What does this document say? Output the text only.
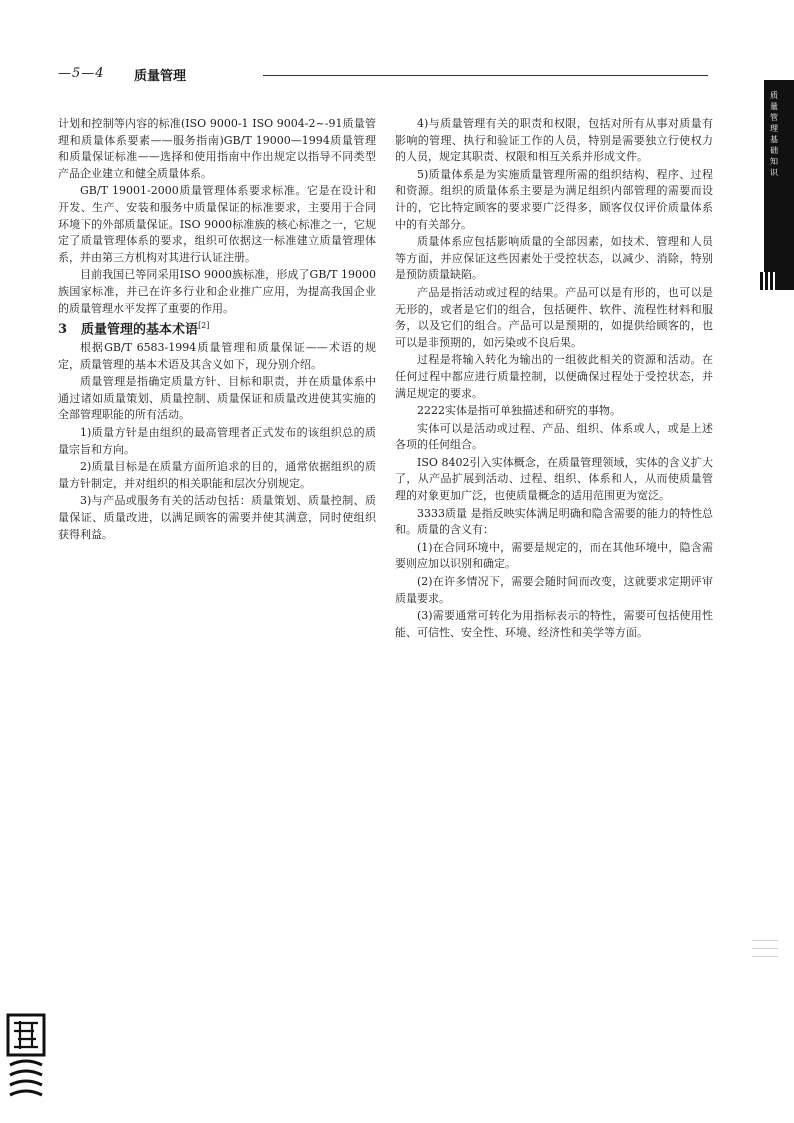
—5—4 质量管理

计划和控制等内容的标准(ISO 9000-1 ISO 9004-2~-91质量管理和质量体系要素——服务指南)GB/T 19000—1994质量管理和质量保证标准——选择和使用指南中作出规定以指导不同类型产品企业建立和健全质量体系。

GB/T 19001-2000质量管理体系要求标准。它是在设计和开发、生产、安装和服务中质量保证的标准要求，主要用于合同环境下的外部质量保证。ISO 9000标准族的核心标准之一，它规定了质量管理体系的要求，组织可依据这一标准建立质量管理体系，并由第三方机构对其进行认证注册。

目前我国已等同采用ISO 9000族标准，形成了GB/T 19000族国家标准，并已在许多行业和企业推广应用，为提高我国企业的质量管理水平发挥了重要的作用。

3 质量管理的基本术语[2]

根据GB/T 6583-1994质量管理和质量保证——术语的规定，质量管理的基本术语及其含义如下，现分别介绍。

质量管理是指确定质量方针、目标和职责，并在质量体系中通过诸如质量策划、质量控制、质量保证和质量改进使其实施的全部管理职能的所有活动。

1)质量方针是由组织的最高管理者正式发布的该组织总的质量宗旨和方向。

2)质量目标是在质量方面所追求的目的，通常依据组织的质量方针制定，并对组织的相关职能和层次分别规定。

3)与产品或服务有关的活动包括：质量策划、质量控制、质量保证、质量改进，以满足顾客的需要并使其满意，同时使组织获得利益。

4)与质量管理有关的职责和权限，包括对所有从事对质量有影响的管理、执行和验证工作的人员，特别是需要独立行使权力的人员，规定其职责、权限和相互关系并形成文件。

5)质量体系是为实施质量管理所需的组织结构、程序、过程和资源。组织的质量体系主要是为满足组织内部管理的需要而设计的，它比特定顾客的要求要广泛得多，顾客仅仅评价质量体系中的有关部分。

质量体系应包括影响质量的全部因素，如技术、管理和人员等方面，并应保证这些因素处于受控状态，以减少、消除，特别是预防质量缺陷。

产品是指活动或过程的结果。产品可以是有形的，也可以是无形的，或者是它们的组合，包括硬件、软件、流程性材料和服务，以及它们的组合。产品可以是预期的，如提供给顾客的，也可以是非预期的，如污染或不良后果。

过程是将输入转化为输出的一组彼此相关的资源和活动。在任何过程中都应进行质量控制，以便确保过程处于受控状态，并满足规定的要求。

2222实体是指可单独描述和研究的事物。

实体可以是活动或过程、产品、组织、体系或人，或是上述各项的任何组合。

ISO 8402引入实体概念，在质量管理领域，实体的含义扩大了，从产品扩展到活动、过程、组织、体系和人，从而使质量管理的对象更加广泛，也使质量概念的适用范围更为宽泛。

3333质量 是指反映实体满足明确和隐含需要的能力的特性总和。质量的含义有：

(1)在合同环境中，需要是规定的，而在其他环境中，隐含需要则应加以识别和确定。

(2)在许多情况下，需要会随时间而改变，这就要求定期评审质量要求。

(3)需要通常可转化为用指标表示的特性，需要可包括使用性能、可信性、安全性、环境、经济性和美学等方面。

质量管理基础知识
